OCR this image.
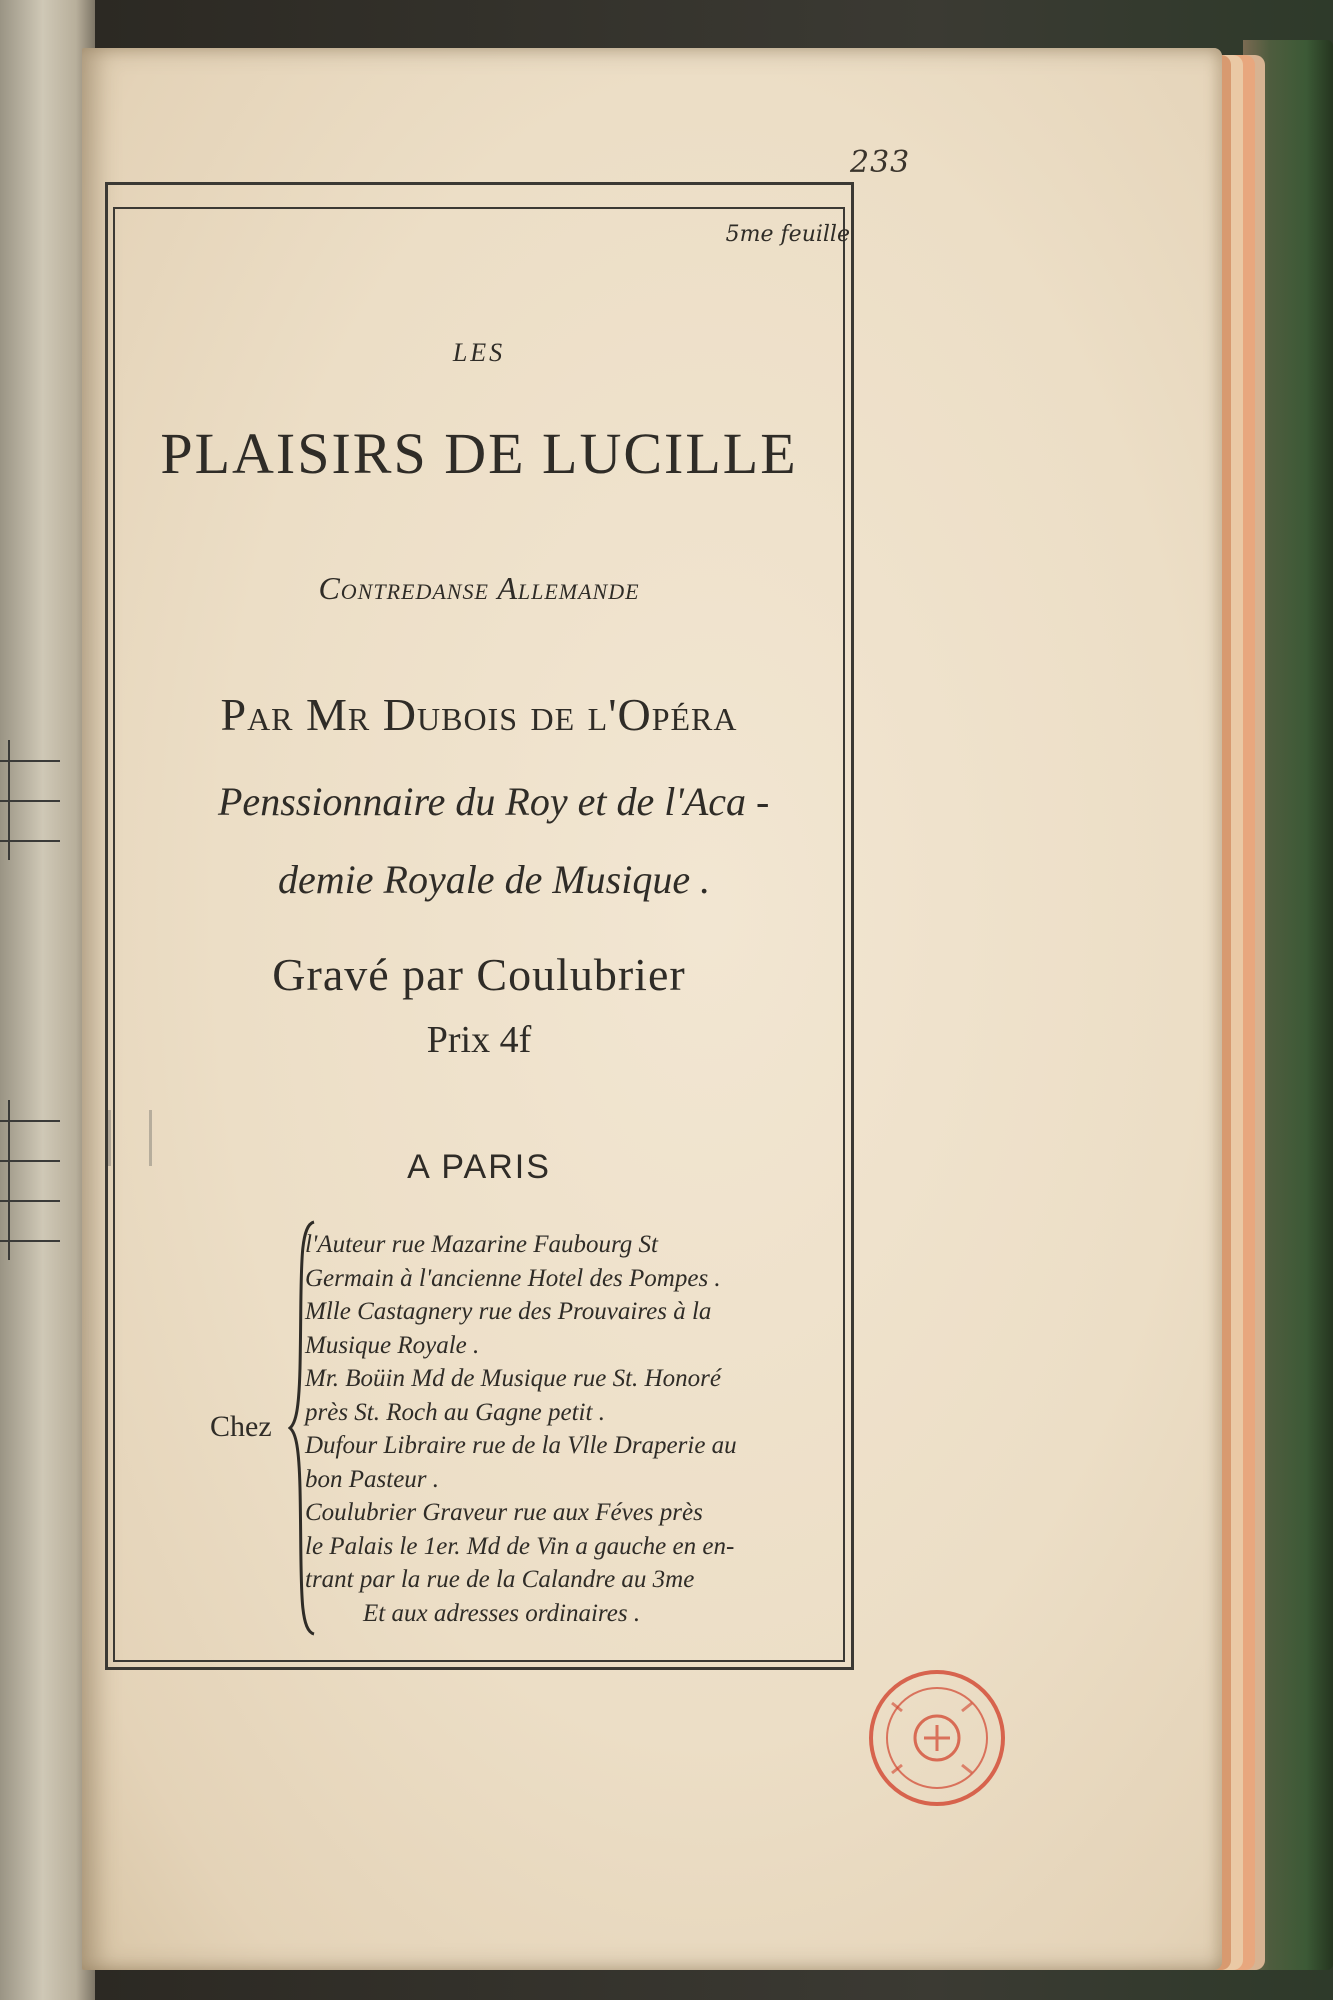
233
5me feuille
LES
PLAISIRS DE LUCILLE
Contredanse Allemande
Par Mr Dubois de l'Opéra
Penssionnaire du Roy et de l'Aca -
demie Royale de Musique .
Gravé par Coulubrier
Prix 4f
A PARIS
Chez
l'Auteur rue Mazarine Faubourg St
Germain à l'ancienne Hotel des Pompes .
Mlle Castagnery rue des Prouvaires à la
Musique Royale .
Mr. Boüin Md de Musique rue St. Honoré
près St. Roch au Gagne petit .
Dufour Libraire rue de la Vlle Draperie au
bon Pasteur .
Coulubrier Graveur rue aux Féves près
le Palais le 1er. Md de Vin a gauche en en-
trant par la rue de la Calandre au 3me
Et aux adresses ordinaires .
